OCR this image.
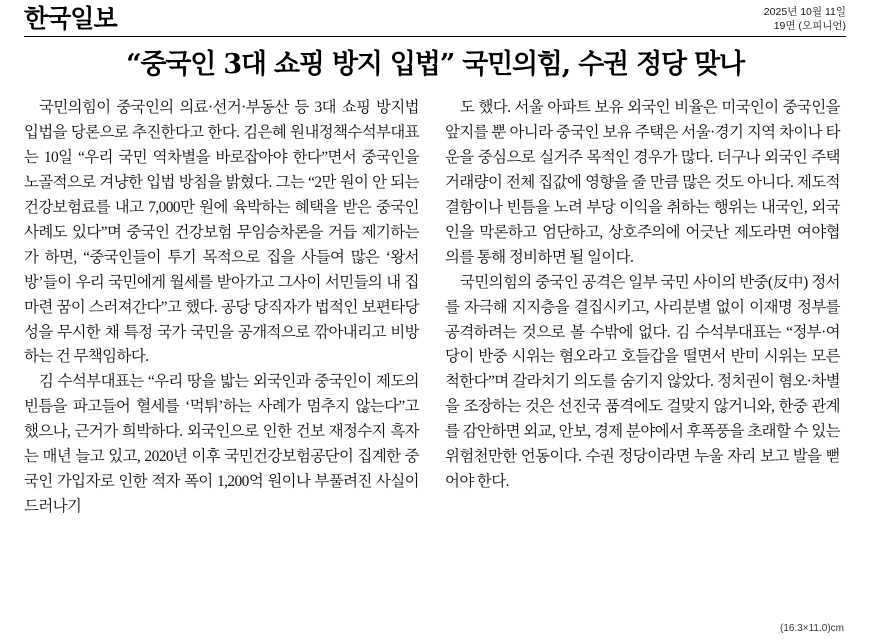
한국일보	2025년 10월 11일
19면 (오피니언)
“중국인 3대 쇼핑 방지 입법” 국민의힘, 수권 정당 맞나

국민의힘이 중국인의 의료·선거·부동산 등 3대 쇼핑 방지법 입법을 당론으로 추진한다고 한다. 김은혜 원내정책수석부대표는 10일 “우리 국민 역차별을 바로잡아야 한다”면서 중국인을 노골적으로 겨냥한 입법 방침을 밝혔다. 그는 “2만 원이 안 되는 건강보험료를 내고 7,000만 원에 육박하는 혜택을 받은 중국인 사례도 있다”며 중국인 건강보험 무임승차론을 거듭 제기하는가 하면, “중국인들이 투기 목적으로 집을 사들여 많은 ‘왕서방’들이 우리 국민에게 월세를 받아가고 그사이 서민들의 내 집 마련 꿈이 스러져간다”고 했다. 공당 당직자가 법적인 보편타당성을 무시한 채 특정 국가 국민을 공개적으로 깎아내리고 비방하는 건 무책임하다.

김 수석부대표는 “우리 땅을 밟는 외국인과 중국인이 제도의 빈틈을 파고들어 혈세를 ‘먹튀’하는 사례가 멈추지 않는다”고 했으나, 근거가 희박하다. 외국인으로 인한 건보 재정수지 흑자는 매년 늘고 있고, 2020년 이후 국민건강보험공단이 집계한 중국인 가입자로 인한 적자 폭이 1,200억 원이나 부풀려진 사실이 드러나기

도 했다. 서울 아파트 보유 외국인 비율은 미국인이 중국인을 앞지를 뿐 아니라 중국인 보유 주택은 서울·경기 지역 차이나 타운을 중심으로 실거주 목적인 경우가 많다. 더구나 외국인 주택 거래량이 전체 집값에 영향을 줄 만큼 많은 것도 아니다. 제도적 결함이나 빈틈을 노려 부당 이익을 취하는 행위는 내국인, 외국인을 막론하고 엄단하고, 상호주의에 어긋난 제도라면 여야협의를 통해 정비하면 될 일이다.

국민의힘의 중국인 공격은 일부 국민 사이의 반중(反中) 정서를 자극해 지지층을 결집시키고, 사리분별 없이 이재명 정부를 공격하려는 것으로 볼 수밖에 없다. 김 수석부대표는 “정부·여당이 반중 시위는 혐오라고 호들갑을 떨면서 반미 시위는 모른 척한다”며 갈라치기 의도를 숨기지 않았다. 정치권이 혐오·차별을 조장하는 것은 선진국 품격에도 걸맞지 않거니와, 한중 관계를 감안하면 외교, 안보, 경제 분야에서 후폭풍을 초래할 수 있는 위험천만한 언동이다. 수권 정당이라면 누울 자리 보고 발을 뻗어야 한다.

(16.3×11.0)cm
